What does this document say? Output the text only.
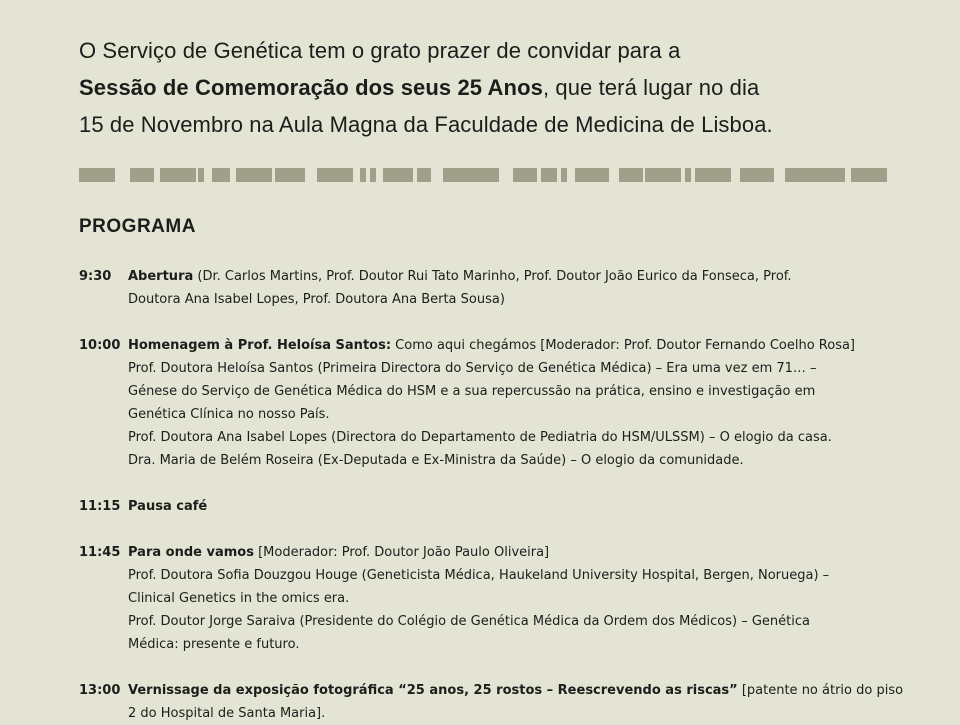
O Serviço de Genética tem o grato prazer de convidar para a

Sessão de Comemoração dos seus 25 Anos, que terá lugar no dia

15 de Novembro na Aula Magna da Faculdade de Medicina de Lisboa.

PROGRAMA
9:30 Abertura (Dr. Carlos Martins, Prof. Doutor Rui Tato Marinho, Prof. Doutor João Eurico da Fonseca, Prof.
Doutora Ana Isabel Lopes, Prof. Doutora Ana Berta Sousa)
10:00 Homenagem à Prof. Heloísa Santos: Como aqui chegámos [Moderador: Prof. Doutor Fernando Coelho Rosa]
Prof. Doutora Heloísa Santos (Primeira Directora do Serviço de Genética Médica) – Era uma vez em 71… –
Génese do Serviço de Genética Médica do HSM e a sua repercussão na prática, ensino e investigação em
Genética Clínica no nosso País.
Prof. Doutora Ana Isabel Lopes (Directora do Departamento de Pediatria do HSM/ULSSM) – O elogio da casa.
Dra. Maria de Belém Roseira (Ex-Deputada e Ex-Ministra da Saúde) – O elogio da comunidade.
11:15 Pausa café
11:45 Para onde vamos [Moderador: Prof. Doutor João Paulo Oliveira]
Prof. Doutora Sofia Douzgou Houge (Geneticista Médica, Haukeland University Hospital, Bergen, Noruega) –
Clinical Genetics in the omics era.
Prof. Doutor Jorge Saraiva (Presidente do Colégio de Genética Médica da Ordem dos Médicos) – Genética
Médica: presente e futuro.
13:00 Vernissage da exposição fotográfica “25 anos, 25 rostos – Reescrevendo as riscas” [patente no átrio do piso
2 do Hospital de Santa Maria].
